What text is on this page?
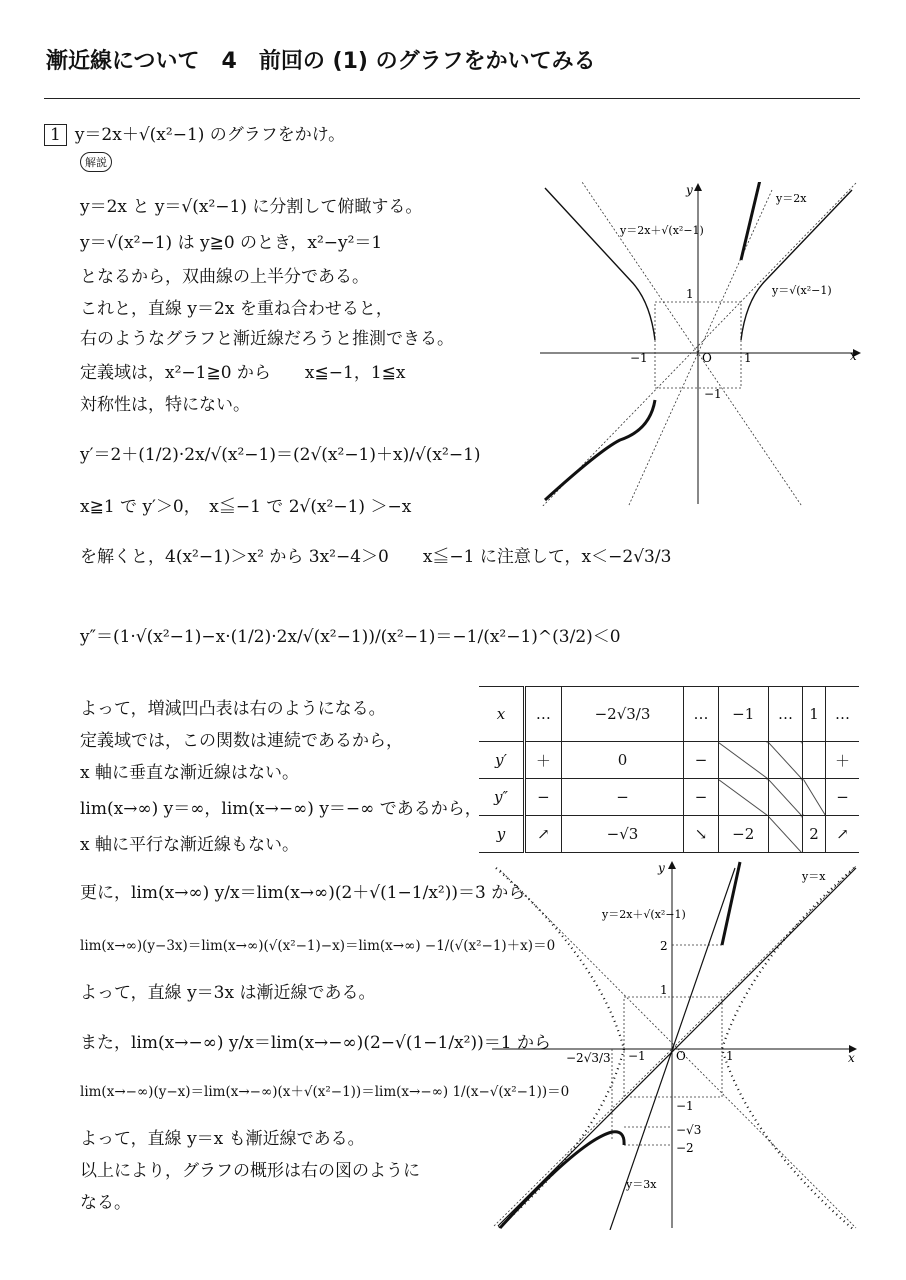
漸近線について　4　前回の (1) のグラフをかいてみる
1 y＝2x＋√(x²−1) のグラフをかけ。
解説
y＝2x と y＝√(x²−1) に分割して俯瞰する。
y＝√(x²−1) は y≧0 のとき，x²−y²＝1
となるから，双曲線の上半分である。
これと，直線 y＝2x を重ね合わせると，
右のようなグラフと漸近線だろうと推測できる。
定義域は，x²−1≧0 から　　x≦−1，1≦x
対称性は，特にない。
y′＝2＋(1/2)·2x/√(x²−1)＝(2√(x²−1)＋x)/√(x²−1)
x≧1 で y′＞0，　x≦−1 で 2√(x²−1) ＞−x
を解くと，4(x²−1)＞x² から 3x²−4＞0　　x≦−1 に注意して，x＜−2√3/3
y″＝(1·√(x²−1)−x·(1/2)·2x/√(x²−1))/(x²−1)＝−1/(x²−1)^(3/2)＜0
よって，増減凹凸表は右のようになる。
定義域では，この関数は連続であるから，
x 軸に垂直な漸近線はない。
lim(x→∞) y＝∞，lim(x→−∞) y＝−∞ であるから，
x 軸に平行な漸近線もない。
更に，lim(x→∞) y/x＝lim(x→∞)(2＋√(1−1/x²))＝3 から
lim(x→∞)(y−3x)＝lim(x→∞)(√(x²−1)−x)＝lim(x→∞) −1/(√(x²−1)＋x)＝0
よって，直線 y＝3x は漸近線である。
また，lim(x→−∞) y/x＝lim(x→−∞)(2−√(1−1/x²))＝1 から
lim(x→−∞)(y−x)＝lim(x→−∞)(x＋√(x²−1))＝lim(x→−∞) 1/(x−√(x²−1))＝0
よって，直線 y＝x も漸近線である。
以上により，グラフの概形は右の図のように
なる。
x
y
O
−1	1
1
−1
y＝2x＋√(x²−1)
y＝2x
y＝√(x²−1)
x	…	−2√3/3	…	−1	…	1	…
y′	＋	0	−				＋
y″	−	−	−				−
y	↗	−√3	↘	−2		2	↗
x
y
O
−1	1
−2√3/3
1
2
−1
−√3
−2
y＝2x＋√(x²−1)
y＝x
y＝3x
